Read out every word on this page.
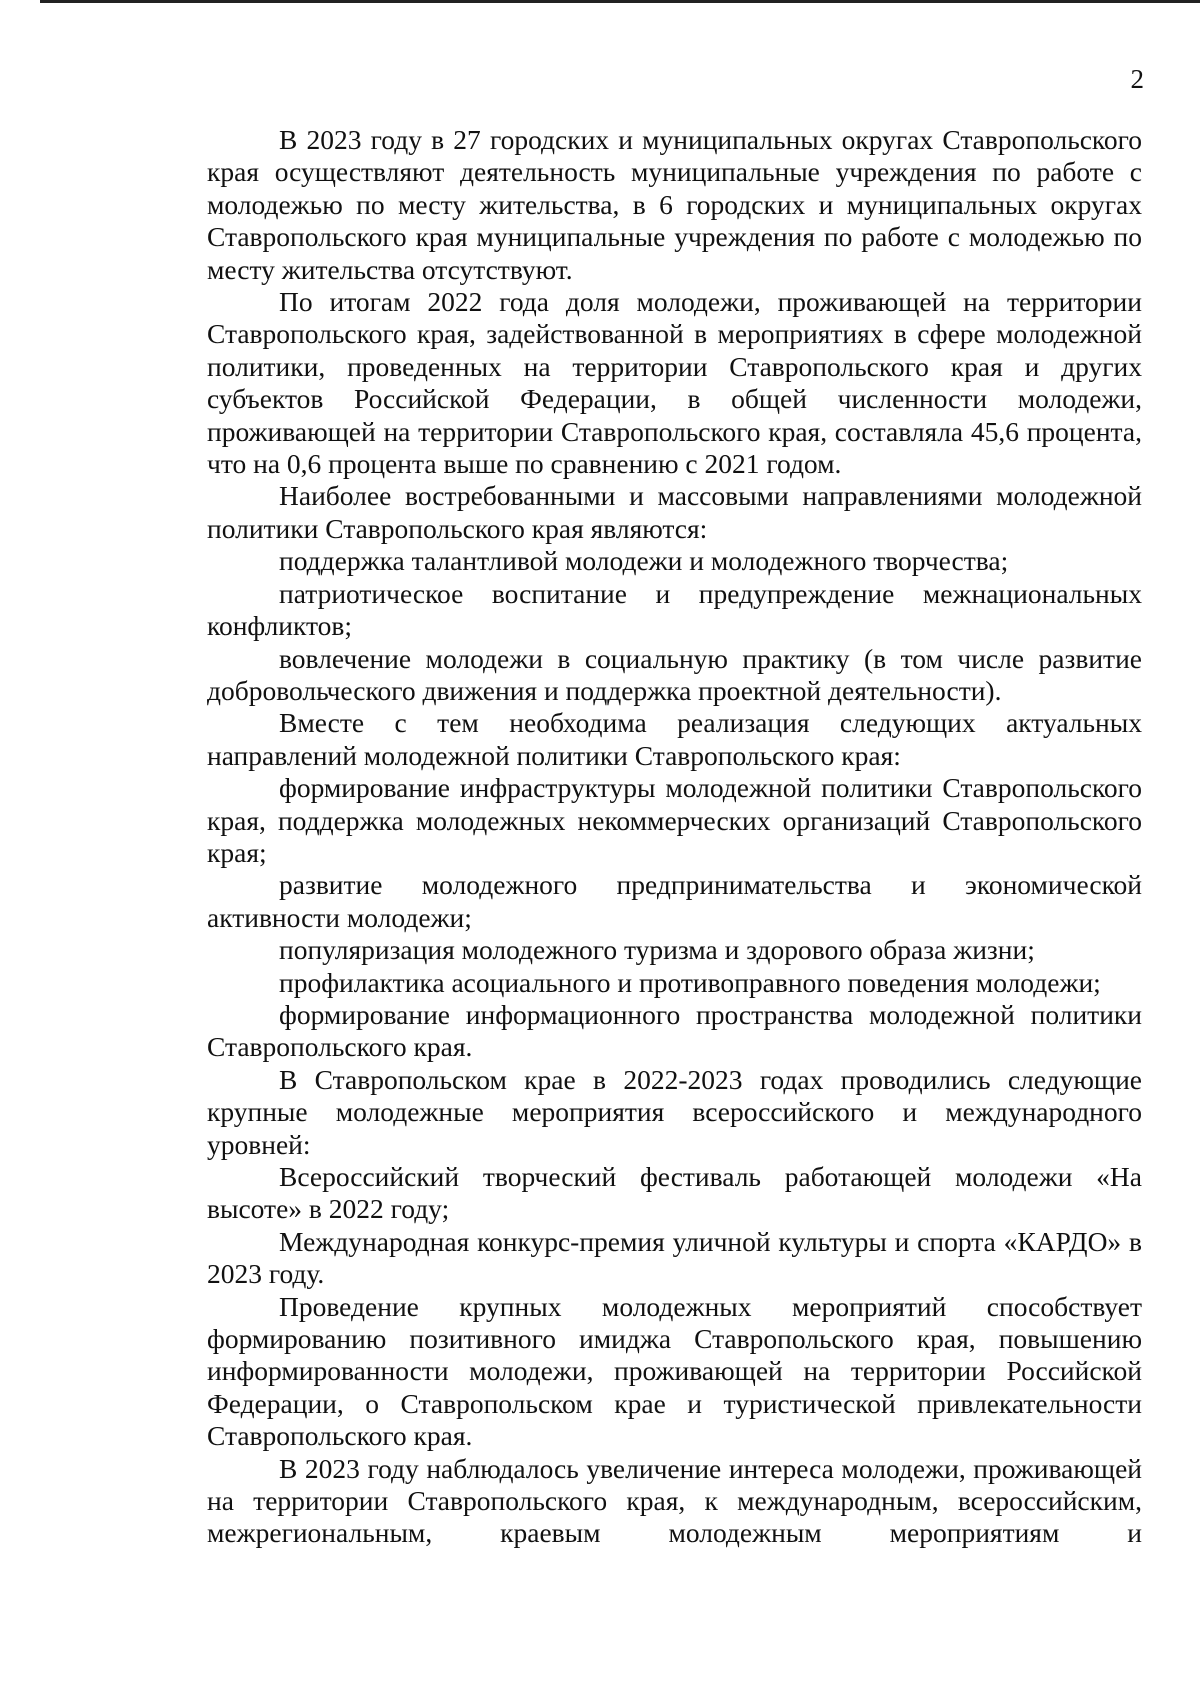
2

В 2023 году в 27 городских и муниципальных округах Ставропольского края осуществляют деятельность муниципальные учреждения по работе с молодежью по месту жительства, в 6 городских и муниципальных округах Ставропольского края муниципальные учреждения по работе с молодежью по месту жительства отсутствуют.

По итогам 2022 года доля молодежи, проживающей на территории Ставропольского края, задействованной в мероприятиях в сфере молодежной политики, проведенных на территории Ставропольского края и других субъектов Российской Федерации, в общей численности молодежи, проживающей на территории Ставропольского края, составляла 45,6 процента, что на 0,6 процента выше по сравнению с 2021 годом.

Наиболее востребованными и массовыми направлениями молодежной политики Ставропольского края являются:

поддержка талантливой молодежи и молодежного творчества;

патриотическое воспитание и предупреждение межнациональных конфликтов;

вовлечение молодежи в социальную практику (в том числе развитие добровольческого движения и поддержка проектной деятельности).

Вместе с тем необходима реализация следующих актуальных направлений молодежной политики Ставропольского края:

формирование инфраструктуры молодежной политики Ставропольского края, поддержка молодежных некоммерческих организаций Ставропольского края;

развитие молодежного предпринимательства и экономической активности молодежи;

популяризация молодежного туризма и здорового образа жизни;

профилактика асоциального и противоправного поведения молодежи;

формирование информационного пространства молодежной политики Ставропольского края.

В Ставропольском крае в 2022-2023 годах проводились следующие крупные молодежные мероприятия всероссийского и международного уровней:

Всероссийский творческий фестиваль работающей молодежи «На высоте» в 2022 году;

Международная конкурс-премия уличной культуры и спорта «КАРДО» в 2023 году.

Проведение крупных молодежных мероприятий способствует формированию позитивного имиджа Ставропольского края, повышению информированности молодежи, проживающей на территории Российской Федерации, о Ставропольском крае и туристической привлекательности Ставропольского края.

В 2023 году наблюдалось увеличение интереса молодежи, проживающей на территории Ставропольского края, к международным, всероссийским, межрегиональным, краевым молодежным мероприятиям и
